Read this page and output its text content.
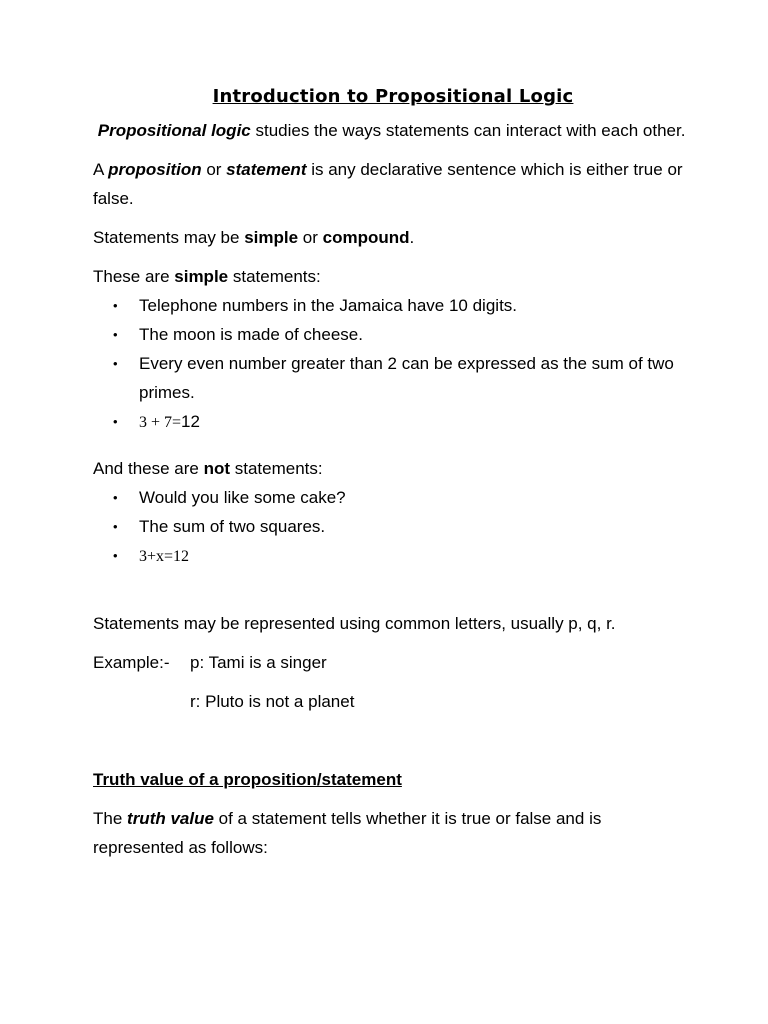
Introduction to Propositional Logic

Propositional logic studies the ways statements can interact with each other.

A proposition or statement is any declarative sentence which is either true or false.

Statements may be simple or compound.

These are simple statements:

• Telephone numbers in the Jamaica have 10 digits.
• The moon is made of cheese.
• Every even number greater than 2 can be expressed as the sum of two primes.
• 3 + 7=12

And these are not statements:

• Would you like some cake?
• The sum of two squares.
• 3+x=12

Statements may be represented using common letters, usually p, q, r.

Example:-	p: Tami is a singer
r: Pluto is not a planet

Truth value of a proposition/statement

The truth value of a statement tells whether it is true or false and is represented as follows:
